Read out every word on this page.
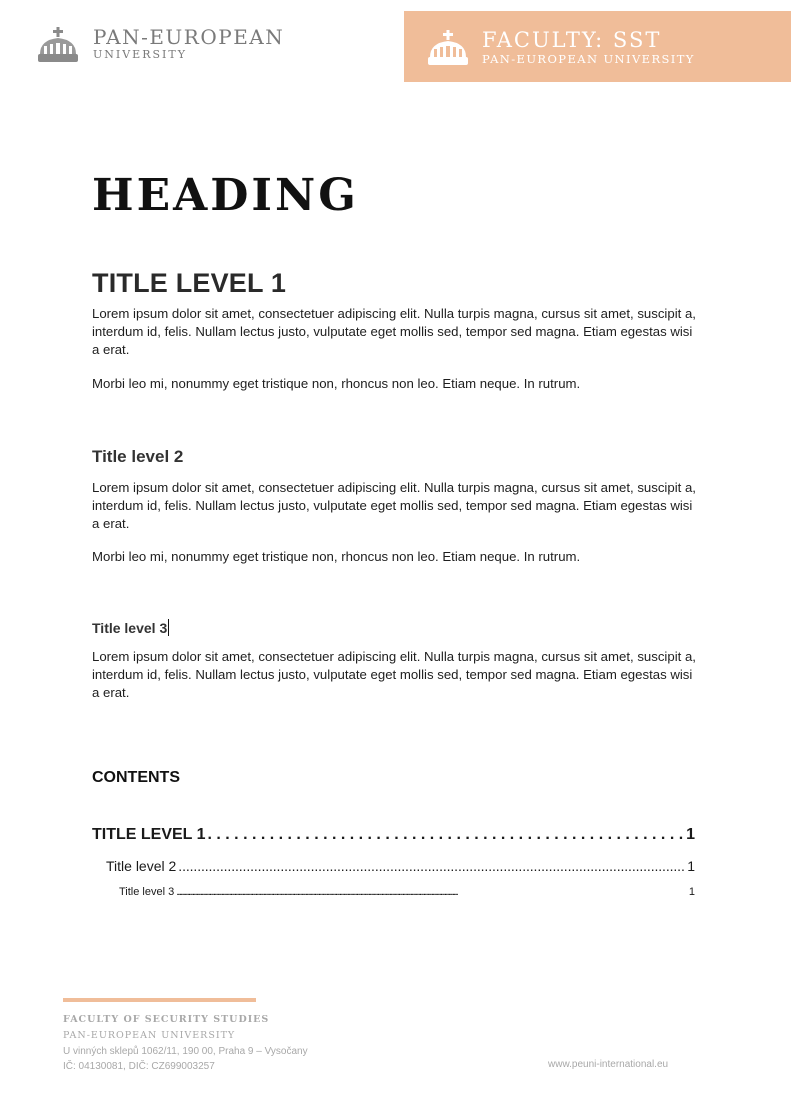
PAN-EUROPEAN
UNIVERSITY
FACULTY: SST
PAN-EUROPEAN UNIVERSITY
HEADING
TITLE LEVEL 1

Lorem ipsum dolor sit amet, consectetuer adipiscing elit. Nulla turpis magna, cursus sit amet, suscipit a, interdum id, felis. Nullam lectus justo, vulputate eget mollis sed, tempor sed magna. Etiam egestas wisi a erat.

Morbi leo mi, nonummy eget tristique non, rhoncus non leo. Etiam neque. In rutrum.

Title level 2

Lorem ipsum dolor sit amet, consectetuer adipiscing elit. Nulla turpis magna, cursus sit amet, suscipit a, interdum id, felis. Nullam lectus justo, vulputate eget mollis sed, tempor sed magna. Etiam egestas wisi a erat.

Morbi leo mi, nonummy eget tristique non, rhoncus non leo. Etiam neque. In rutrum.

Title level 3

Lorem ipsum dolor sit amet, consectetuer adipiscing elit. Nulla turpis magna, cursus sit amet, suscipit a, interdum id, felis. Nullam lectus justo, vulputate eget mollis sed, tempor sed magna. Etiam egestas wisi a erat.

CONTENTS
TITLE LEVEL 1 . . .	1
Title level 2 . . .	1
Title level 3 . . .	1
FACULTY OF SECURITY STUDIES
PAN-EUROPEAN UNIVERSITY
U vinných sklepů 1062/11, 190 00, Praha 9 – Vysočany
IČ: 04130081, DIČ: CZ699003257	www.peuni-international.eu
